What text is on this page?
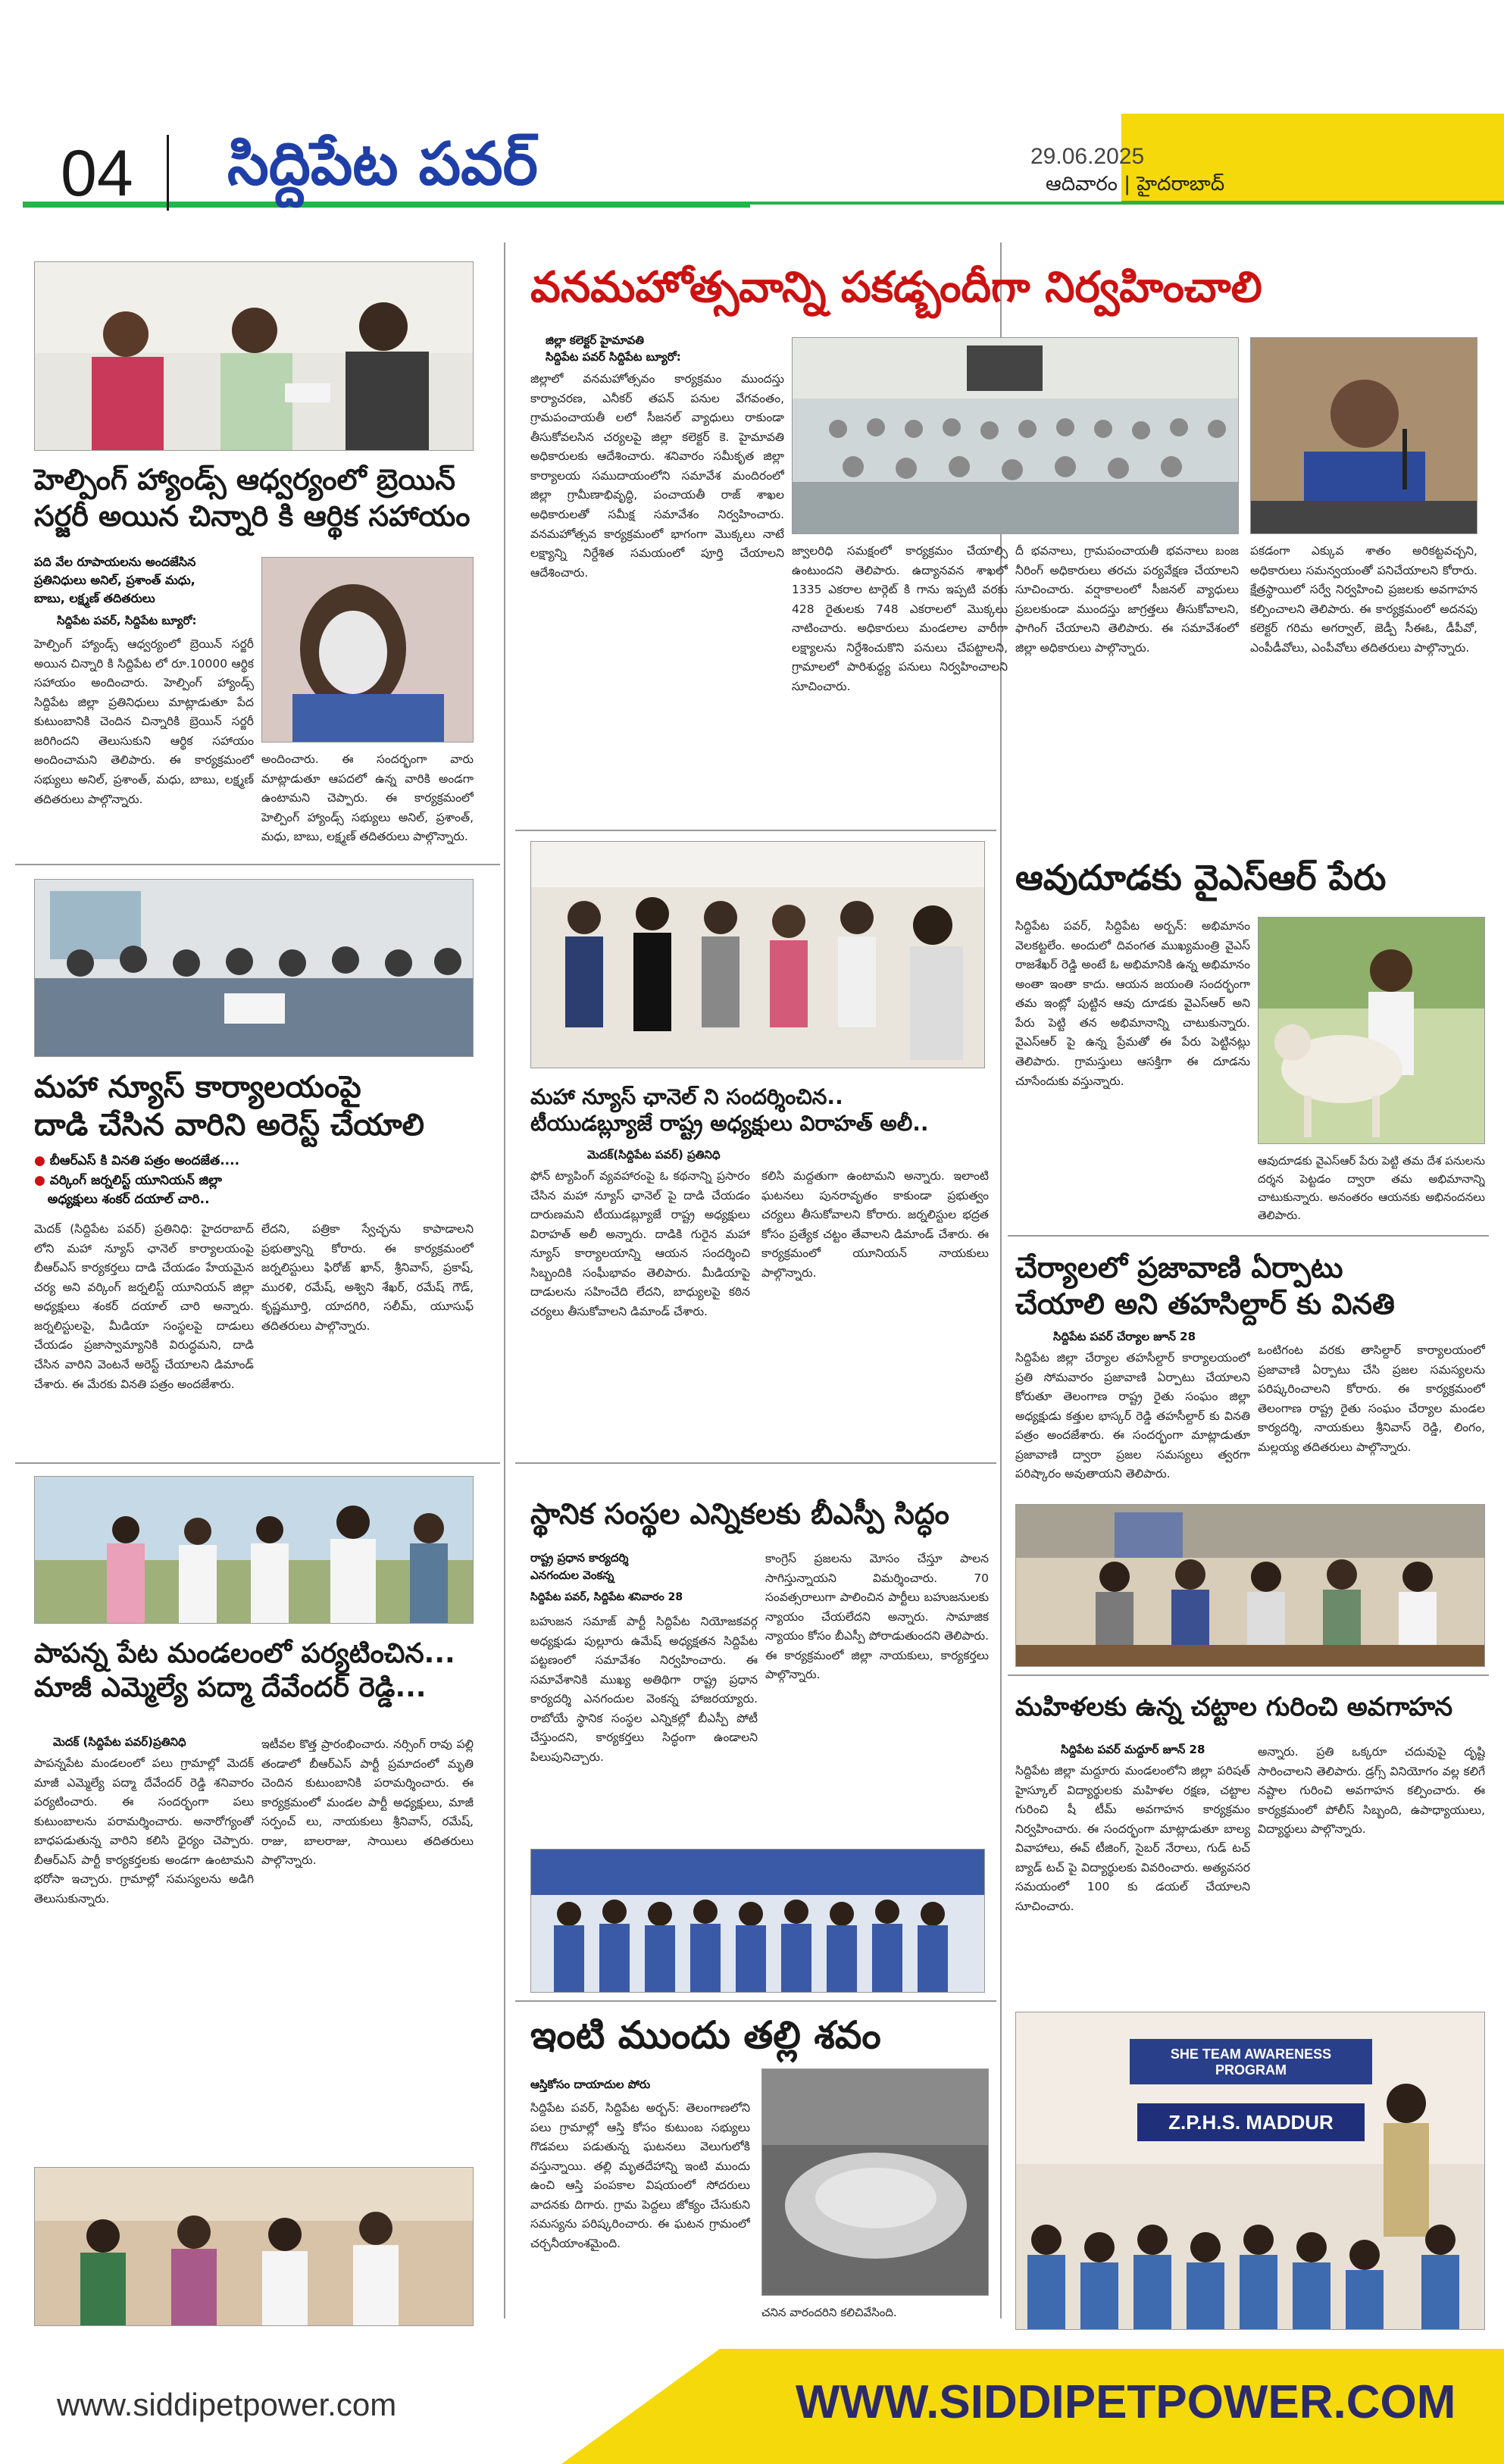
04 సిద్దిపేట పవర్	29.06.2025
ఆదివారం | హైదరాబాద్
హెల్పింగ్ హ్యాండ్స్ ఆధ్వర్యంలో బ్రెయిన్
సర్జరీ అయిన చిన్నారి కి ఆర్థిక సహాయం
పది వేల రూపాయలను అందజేసిన
ప్రతినిధులు అనిల్, ప్రశాంత్ మధు,
బాబు, లక్ష్మణ్ తదితరులు
సిద్దిపేట పవర్, సిద్దిపేట బ్యూరో:
హెల్పింగ్ హ్యాండ్స్ ఆధ్వర్యంలో బ్రెయిన్ సర్జరీ అయిన చిన్నారి కి సిద్దిపేట లో రూ.10000 ఆర్థిక సహాయం అందించారు. హెల్పింగ్ హ్యాండ్స్ సిద్దిపేట జిల్లా ప్రతినిధులు మాట్లాడుతూ పేద కుటుంబానికి చెందిన చిన్నారికి బ్రెయిన్ సర్జరీ జరిగిందని తెలుసుకుని ఆర్థిక సహాయం అందించామని తెలిపారు. ఈ కార్యక్రమంలో సభ్యులు అనిల్, ప్రశాంత్, మధు, బాబు, లక్ష్మణ్ తదితరులు పాల్గొన్నారు.
అందించారు. ఈ సందర్భంగా వారు మాట్లాడుతూ ఆపదలో ఉన్న వారికి అండగా ఉంటామని చెప్పారు. ఈ కార్యక్రమంలో హెల్పింగ్ హ్యాండ్స్ సభ్యులు అనిల్, ప్రశాంత్, మధు, బాబు, లక్ష్మణ్ తదితరులు పాల్గొన్నారు.
వనమహోత్సవాన్ని పకడ్బందీగా నిర్వహించాలి
జిల్లా కలెక్టర్ హైమావతి
సిద్దిపేట పవర్ సిద్దిపేట బ్యూరో:
జిల్లాలో వనమహోత్సవం కార్యక్రమం ముందస్తు కార్యాచరణ, ఎనీకర్ తపన్ పనుల వేగవంతం, గ్రామపంచాయతీ లలో సీజనల్ వ్యాధులు రాకుండా తీసుకోవలసిన చర్యలపై జిల్లా కలెక్టర్ కె. హైమావతి అధికారులకు ఆదేశించారు. శనివారం సమీకృత జిల్లా కార్యాలయ సముదాయంలోని సమావేశ మందిరంలో జిల్లా గ్రామీణాభివృద్ధి, పంచాయతీ రాజ్ శాఖల అధికారులతో సమీక్ష సమావేశం నిర్వహించారు. వనమహోత్సవ కార్యక్రమంలో భాగంగా మొక్కలు నాటే లక్ష్యాన్ని నిర్దేశిత సమయంలో పూర్తి చేయాలని ఆదేశించారు.
జ్వాలరిధి సమక్షంలో కార్యక్రమం చేయాల్సి ఉంటుందని తెలిపారు. ఉద్యానవన శాఖలో 1335 ఎకరాల టార్గెట్ కి గాను ఇప్పటి వరకు 428 రైతులకు 748 ఎకరాలలో మొక్కలు నాటించారు. అధికారులు మండలాల వారీగా లక్ష్యాలను నిర్దేశించుకొని పనులు చేపట్టాలని, గ్రామాలలో పారిశుద్ధ్య పనులు నిర్వహించాలని సూచించారు.
దీ భవనాలు, గ్రామపంచాయతీ భవనాలు బంజ నీరింగ్ అధికారులు తరచు పర్యవేక్షణ చేయాలని సూచించారు. వర్షాకాలంలో సీజనల్ వ్యాధులు ప్రబలకుండా ముందస్తు జాగ్రత్తలు తీసుకోవాలని, ఫాగింగ్ చేయాలని తెలిపారు. ఈ సమావేశంలో జిల్లా అధికారులు పాల్గొన్నారు.
పకడంగా ఎక్కువ శాతం అరికట్టవచ్చని, అధికారులు సమన్వయంతో పనిచేయాలని కోరారు. క్షేత్రస్థాయిలో సర్వే నిర్వహించి ప్రజలకు అవగాహన కల్పించాలని తెలిపారు. ఈ కార్యక్రమంలో అదనపు కలెక్టర్ గరిమ అగర్వాల్, జెడ్పీ సీఈఓ, డీపీవో, ఎంపీడీవోలు, ఎంపీవోలు తదితరులు పాల్గొన్నారు.
మహా న్యూస్ కార్యాలయంపై
దాడి చేసిన వారిని అరెస్ట్ చేయాలి
● బీఆర్ఎస్ కి వినతి పత్రం అందజేత....
● వర్కింగ్ జర్నలిస్ట్ యూనియన్ జిల్లా
అధ్యక్షులు శంకర్ దయాల్ చారి..
మెదక్ (సిద్దిపేట పవర్) ప్రతినిధి: హైదరాబాద్ లోని మహా న్యూస్ ఛానెల్ కార్యాలయంపై బీఆర్ఎస్ కార్యకర్తలు దాడి చేయడం హేయమైన చర్య అని వర్కింగ్ జర్నలిస్ట్ యూనియన్ జిల్లా అధ్యక్షులు శంకర్ దయాల్ చారి అన్నారు. జర్నలిస్టులపై, మీడియా సంస్థలపై దాడులు చేయడం ప్రజాస్వామ్యానికి విరుద్ధమని, దాడి చేసిన వారిని వెంటనే అరెస్ట్ చేయాలని డిమాండ్ చేశారు. ఈ మేరకు వినతి పత్రం అందజేశారు.
లేదని, పత్రికా స్వేచ్ఛను కాపాడాలని ప్రభుత్వాన్ని కోరారు. ఈ కార్యక్రమంలో జర్నలిస్టులు ఫిరోజ్ ఖాన్, శ్రీనివాస్, ప్రకాష్, మురళి, రమేష్, అశ్విని శేఖర్, రమేష్ గౌడ్, కృష్ణమూర్తి, యాదగిరి, సలీమ్, యూసుఫ్ తదితరులు పాల్గొన్నారు.
మహా న్యూస్ ఛానెల్ ని సందర్శించిన..
టీయుడబ్ల్యూజే రాష్ట్ర అధ్యక్షులు విరాహత్ అలీ..
మెదక్(సిద్దిపేట పవర్) ప్రతినిధి
ఫోన్ ట్యాపింగ్ వ్యవహారంపై ఓ కథనాన్ని ప్రసారం చేసిన మహా న్యూస్ ఛానెల్ పై దాడి చేయడం దారుణమని టీయుడబ్ల్యూజే రాష్ట్ర అధ్యక్షులు విరాహత్ అలీ అన్నారు. దాడికి గురైన మహా న్యూస్ కార్యాలయాన్ని ఆయన సందర్శించి సిబ్బందికి సంఘీభావం తెలిపారు. మీడియాపై దాడులను సహించేది లేదని, బాధ్యులపై కఠిన చర్యలు తీసుకోవాలని డిమాండ్ చేశారు.
కలిసి మద్దతుగా ఉంటామని అన్నారు. ఇలాంటి ఘటనలు పునరావృతం కాకుండా ప్రభుత్వం చర్యలు తీసుకోవాలని కోరారు. జర్నలిస్టుల భద్రత కోసం ప్రత్యేక చట్టం తేవాలని డిమాండ్ చేశారు. ఈ కార్యక్రమంలో యూనియన్ నాయకులు పాల్గొన్నారు.
ఆవుదూడకు వైఎస్ఆర్ పేరు
సిద్దిపేట పవర్, సిద్దిపేట అర్బన్: అభిమానం వెలకట్టలేం. అందులో దివంగత ముఖ్యమంత్రి వైఎస్ రాజశేఖర్ రెడ్డి అంటే ఓ అభిమానికి ఉన్న అభిమానం అంతా ఇంతా కాదు. ఆయన జయంతి సందర్భంగా తమ ఇంట్లో పుట్టిన ఆవు దూడకు వైఎస్ఆర్ అని పేరు పెట్టి తన అభిమానాన్ని చాటుకున్నారు. వైఎస్ఆర్ పై ఉన్న ప్రేమతో ఈ పేరు పెట్టినట్లు తెలిపారు. గ్రామస్తులు ఆసక్తిగా ఈ దూడను చూసేందుకు వస్తున్నారు.
ఆవుదూడకు వైఎస్ఆర్ పేరు పెట్టి తమ దేశ పనులను దర్శన పెట్టడం ద్వారా తమ అభిమానాన్ని చాటుకున్నారు. అనంతరం ఆయనకు అభినందనలు తెలిపారు.
చేర్యాలలో ప్రజావాణి ఏర్పాటు
చేయాలి అని తహసిల్దార్ కు వినతి
సిద్దిపేట పవర్ చేర్యాల జూన్ 28
సిద్దిపేట జిల్లా చేర్యాల తహసీల్దార్ కార్యాలయంలో ప్రతి సోమవారం ప్రజావాణి ఏర్పాటు చేయాలని కోరుతూ తెలంగాణ రాష్ట్ర రైతు సంఘం జిల్లా అధ్యక్షుడు కత్తుల భాస్కర్ రెడ్డి తహసీల్దార్ కు వినతి పత్రం అందజేశారు. ఈ సందర్భంగా మాట్లాడుతూ ప్రజావాణి ద్వారా ప్రజల సమస్యలు త్వరగా పరిష్కారం అవుతాయని తెలిపారు.
ఒంటిగంట వరకు తాసిల్దార్ కార్యాలయంలో ప్రజావాణి ఏర్పాటు చేసి ప్రజల సమస్యలను పరిష్కరించాలని కోరారు. ఈ కార్యక్రమంలో తెలంగాణ రాష్ట్ర రైతు సంఘం చేర్యాల మండల కార్యదర్శి, నాయకులు శ్రీనివాస్ రెడ్డి, లింగం, మల్లయ్య తదితరులు పాల్గొన్నారు.
పాపన్న పేట మండలంలో పర్యటించిన...
మాజీ ఎమ్మెల్యే పద్మా దేవేందర్ రెడ్డి...
మెదక్ (సిద్దిపేట పవర్)ప్రతినిధి
పాపన్నపేట మండలంలో పలు గ్రామాల్లో మెదక్ మాజీ ఎమ్మెల్యే పద్మా దేవేందర్ రెడ్డి శనివారం పర్యటించారు. ఈ సందర్భంగా పలు కుటుంబాలను పరామర్శించారు. అనారోగ్యంతో బాధపడుతున్న వారిని కలిసి ధైర్యం చెప్పారు. బీఆర్ఎస్ పార్టీ కార్యకర్తలకు అండగా ఉంటామని భరోసా ఇచ్చారు. గ్రామాల్లో సమస్యలను అడిగి తెలుసుకున్నారు.
ఇటీవల కొత్త ప్రారంభించారు. నర్సింగ్ రావు పల్లి తండాలో బీఆర్ఎస్ పార్టీ ప్రమాదంలో మృతి చెందిన కుటుంబానికి పరామర్శించారు. ఈ కార్యక్రమంలో మండల పార్టీ అధ్యక్షులు, మాజీ సర్పంచ్ లు, నాయకులు శ్రీనివాస్, రమేష్, రాజు, బాలరాజు, సాయిలు తదితరులు పాల్గొన్నారు.
స్థానిక సంస్థల ఎన్నికలకు బీఎస్పీ సిద్ధం
రాష్ట్ర ప్రధాన కార్యదర్శి
ఎనగందుల వెంకన్న
సిద్దిపేట పవర్, సిద్దిపేట శనివారం 28
బహుజన సమాజ్ పార్టీ సిద్దిపేట నియోజకవర్గ అధ్యక్షుడు పుల్లూరు ఉమేష్ అధ్యక్షతన సిద్దిపేట పట్టణంలో సమావేశం నిర్వహించారు. ఈ సమావేశానికి ముఖ్య అతిథిగా రాష్ట్ర ప్రధాన కార్యదర్శి ఎనగందుల వెంకన్న హాజరయ్యారు. రాబోయే స్థానిక సంస్థల ఎన్నికల్లో బీఎస్పీ పోటీ చేస్తుందని, కార్యకర్తలు సిద్ధంగా ఉండాలని పిలుపునిచ్చారు.
కాంగ్రెస్ ప్రజలను మోసం చేస్తూ పాలన సాగిస్తున్నాయని విమర్శించారు. 70 సంవత్సరాలుగా పాలించిన పార్టీలు బహుజనులకు న్యాయం చేయలేదని అన్నారు. సామాజిక న్యాయం కోసం బీఎస్పీ పోరాడుతుందని తెలిపారు. ఈ కార్యక్రమంలో జిల్లా నాయకులు, కార్యకర్తలు పాల్గొన్నారు.
ఇంటి ముందు తల్లి శవం
ఆస్తికోసం దాయాదుల పోరు
సిద్దిపేట పవర్, సిద్దిపేట అర్బన్: తెలంగాణలోని పలు గ్రామాల్లో ఆస్తి కోసం కుటుంబ సభ్యులు గొడవలు పడుతున్న ఘటనలు వెలుగులోకి వస్తున్నాయి. తల్లి మృతదేహాన్ని ఇంటి ముందు ఉంచి ఆస్తి పంపకాల విషయంలో సోదరులు వాదనకు దిగారు. గ్రామ పెద్దలు జోక్యం చేసుకుని సమస్యను పరిష్కరించారు. ఈ ఘటన గ్రామంలో చర్చనీయాంశమైంది.
చనిన వారందరిని కలిచివేసింది.
మహిళలకు ఉన్న చట్టాల గురించి అవగాహన
సిద్దిపేట పవర్ మద్దూర్ జూన్ 28
సిద్దిపేట జిల్లా మద్దూరు మండలంలోని జిల్లా పరిషత్ హైస్కూల్ విద్యార్థులకు మహిళల రక్షణ, చట్టాల గురించి షీ టీమ్ అవగాహన కార్యక్రమం నిర్వహించారు. ఈ సందర్భంగా మాట్లాడుతూ బాల్య వివాహాలు, ఈవ్ టీజింగ్, సైబర్ నేరాలు, గుడ్ టచ్ బ్యాడ్ టచ్ పై విద్యార్థులకు వివరించారు. అత్యవసర సమయంలో 100 కు డయల్ చేయాలని సూచించారు.
అన్నారు. ప్రతి ఒక్కరూ చదువుపై దృష్టి సారించాలని తెలిపారు. డ్రగ్స్ వినియోగం వల్ల కలిగే నష్టాల గురించి అవగాహన కల్పించారు. ఈ కార్యక్రమంలో పోలీస్ సిబ్బంది, ఉపాధ్యాయులు, విద్యార్థులు పాల్గొన్నారు.
SHE TEAM AWARENESS PROGRAM
Z.P.H.S. MADDUR
www.siddipetpower.com	WWW.SIDDIPETPOWER.COM
